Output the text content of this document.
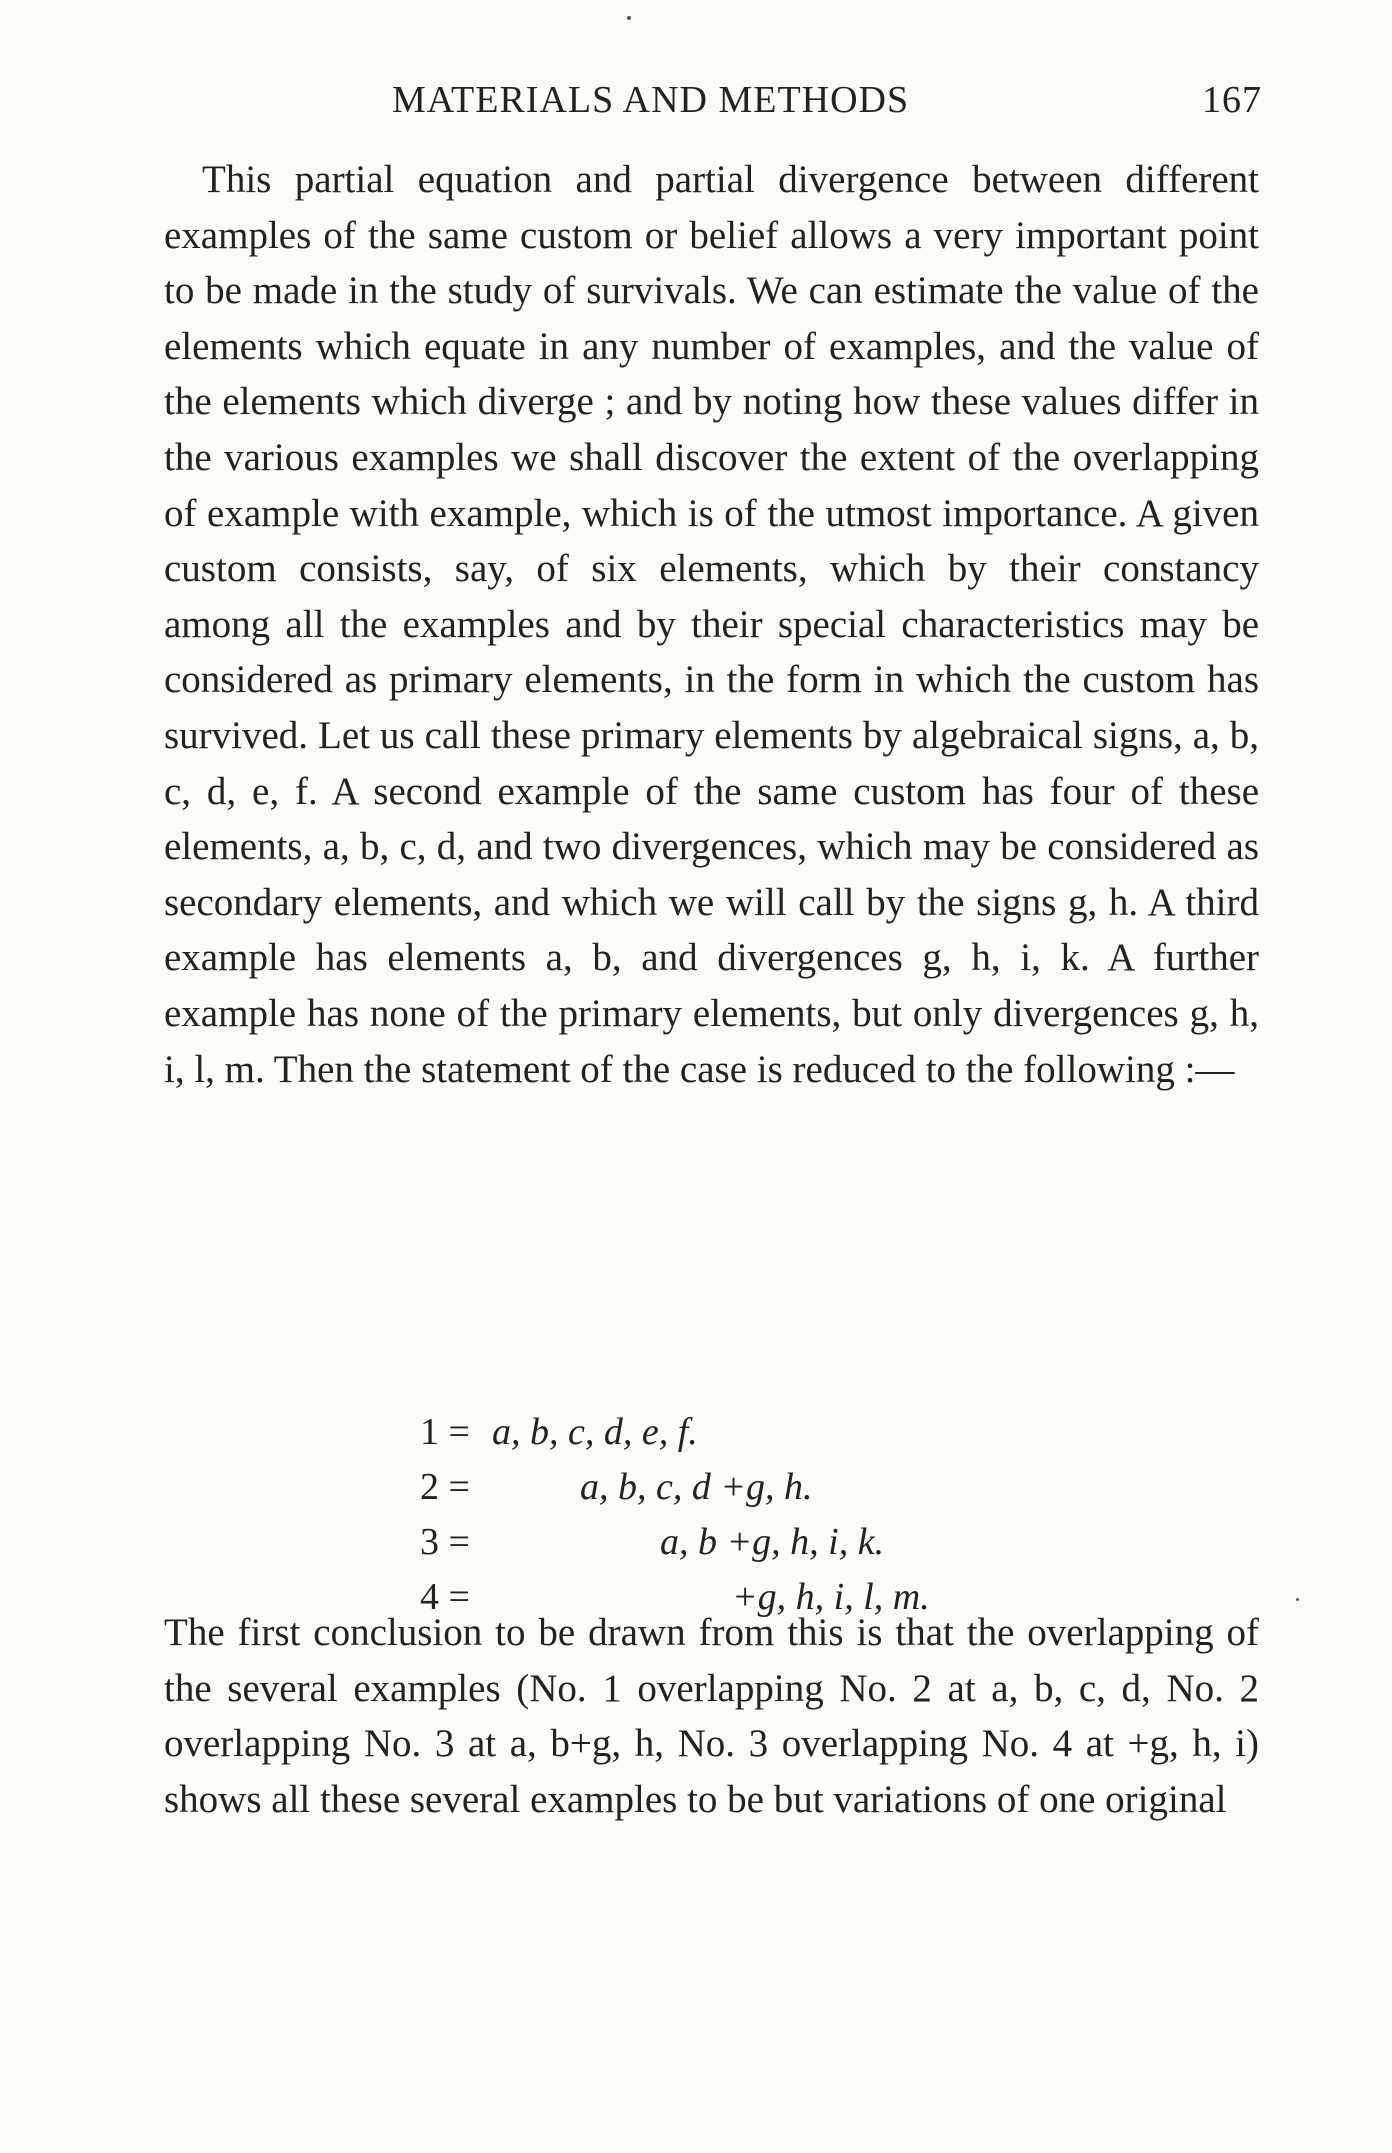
MATERIALS AND METHODS	167

This partial equation and partial divergence between different examples of the same custom or belief allows a very important point to be made in the study of survivals. We can estimate the value of the elements which equate in any number of examples, and the value of the elements which diverge ; and by noting how these values differ in the various examples we shall discover the extent of the overlapping of example with example, which is of the utmost importance. A given custom consists, say, of six elements, which by their constancy among all the examples and by their special characteristics may be considered as primary elements, in the form in which the custom has survived. Let us call these primary elements by algebraical signs, a, b, c, d, e, f. A second example of the same custom has four of these elements, a, b, c, d, and two divergences, which may be considered as secondary elements, and which we will call by the signs g, h. A third example has elements a, b, and divergences g, h, i, k. A further example has none of the primary elements, but only divergences g, h, i, l, m. Then the statement of the case is reduced to the following :—

1 = a, b, c, d, e, f.
2 =	a, b, c, d +g, h.
3 =	a, b +g, h, i, k.
4 =	+g, h, i, l, m.

The first conclusion to be drawn from this is that the overlapping of the several examples (No. 1 overlapping No. 2 at a, b, c, d, No. 2 overlapping No. 3 at a, b+g, h, No. 3 overlapping No. 4 at +g, h, i) shows all these several examples to be but variations of one original
